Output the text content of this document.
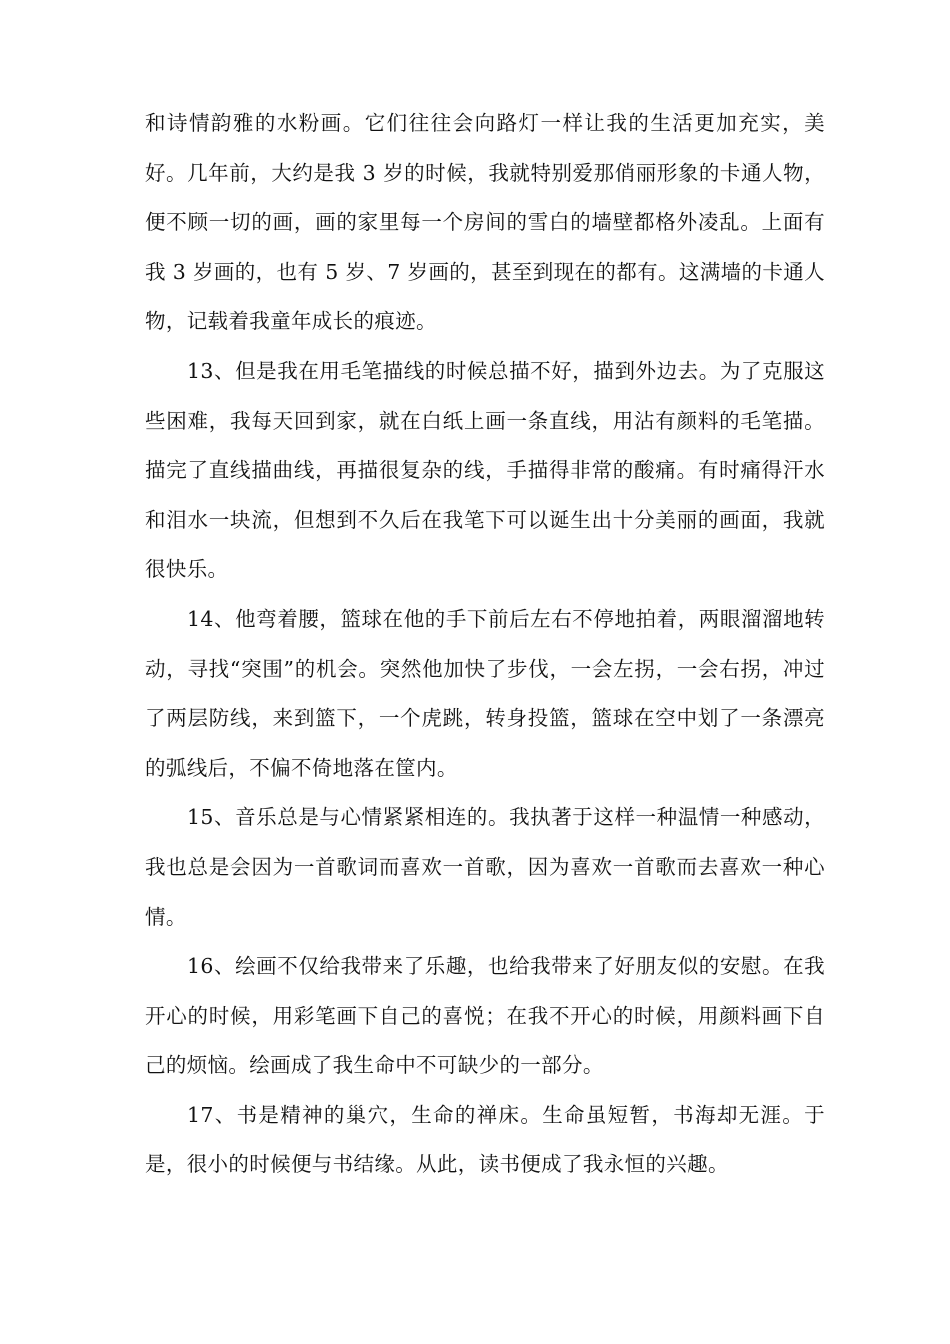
和诗情韵雅的水粉画。它们往往会向路灯一样让我的生活更加充实，美好。几年前，大约是我 3 岁的时候，我就特别爱那俏丽形象的卡通人物，便不顾一切的画，画的家里每一个房间的雪白的墙壁都格外凌乱。上面有我 3 岁画的，也有 5 岁、7 岁画的，甚至到现在的都有。这满墙的卡通人物，记载着我童年成长的痕迹。

13、但是我在用毛笔描线的时候总描不好，描到外边去。为了克服这些困难，我每天回到家，就在白纸上画一条直线，用沾有颜料的毛笔描。描完了直线描曲线，再描很复杂的线，手描得非常的酸痛。有时痛得汗水和泪水一块流，但想到不久后在我笔下可以诞生出十分美丽的画面，我就很快乐。

14、他弯着腰，篮球在他的手下前后左右不停地拍着，两眼溜溜地转动，寻找“突围”的机会。突然他加快了步伐，一会左拐，一会右拐，冲过了两层防线，来到篮下，一个虎跳，转身投篮，篮球在空中划了一条漂亮的弧线后，不偏不倚地落在筐内。

15、音乐总是与心情紧紧相连的。我执著于这样一种温情一种感动，我也总是会因为一首歌词而喜欢一首歌，因为喜欢一首歌而去喜欢一种心情。

16、绘画不仅给我带来了乐趣，也给我带来了好朋友似的安慰。在我开心的时候，用彩笔画下自己的喜悦；在我不开心的时候，用颜料画下自己的烦恼。绘画成了我生命中不可缺少的一部分。

17、书是精神的巢穴，生命的禅床。生命虽短暂，书海却无涯。于是，很小的时候便与书结缘。从此，读书便成了我永恒的兴趣。
